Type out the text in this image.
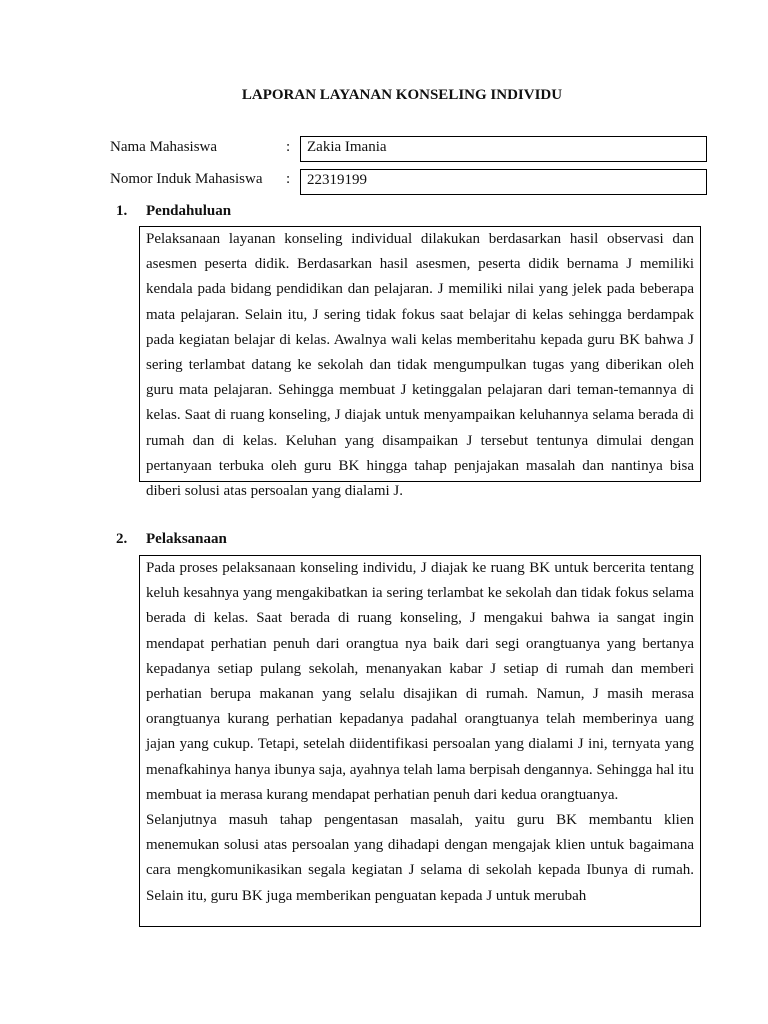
LAPORAN LAYANAN KONSELING INDIVIDU
Nama Mahasiswa	:	Zakia Imania
Nomor Induk Mahasiswa :	22319199
1. Pendahuluan

Pelaksanaan layanan konseling individual dilakukan berdasarkan hasil observasi dan asesmen peserta didik. Berdasarkan hasil asesmen, peserta didik bernama J memiliki kendala pada bidang pendidikan dan pelajaran. J memiliki nilai yang jelek pada beberapa mata pelajaran. Selain itu, J sering tidak fokus saat belajar di kelas sehingga berdampak pada kegiatan belajar di kelas. Awalnya wali kelas memberitahu kepada guru BK bahwa J sering terlambat datang ke sekolah dan tidak mengumpulkan tugas yang diberikan oleh guru mata pelajaran. Sehingga membuat J ketinggalan pelajaran dari teman-temannya di kelas. Saat di ruang konseling, J diajak untuk menyampaikan keluhannya selama berada di rumah dan di kelas. Keluhan yang disampaikan J tersebut tentunya dimulai dengan pertanyaan terbuka oleh guru BK hingga tahap penjajakan masalah dan nantinya bisa diberi solusi atas persoalan yang dialami J.

2. Pelaksanaan

Pada proses pelaksanaan konseling individu, J diajak ke ruang BK untuk bercerita tentang keluh kesahnya yang mengakibatkan ia sering terlambat ke sekolah dan tidak fokus selama berada di kelas. Saat berada di ruang konseling, J mengakui bahwa ia sangat ingin mendapat perhatian penuh dari orangtua nya baik dari segi orangtuanya yang bertanya kepadanya setiap pulang sekolah, menanyakan kabar J setiap di rumah dan memberi perhatian berupa makanan yang selalu disajikan di rumah. Namun, J masih merasa orangtuanya kurang perhatian kepadanya padahal orangtuanya telah memberinya uang jajan yang cukup. Tetapi, setelah diidentifikasi persoalan yang dialami J ini, ternyata yang menafkahinya hanya ibunya saja, ayahnya telah lama berpisah dengannya. Sehingga hal itu membuat ia merasa kurang mendapat perhatian penuh dari kedua orangtuanya.

Selanjutnya masuh tahap pengentasan masalah, yaitu guru BK membantu klien menemukan solusi atas persoalan yang dihadapi dengan mengajak klien untuk bagaimana cara mengkomunikasikan segala kegiatan J selama di sekolah kepada Ibunya di rumah. Selain itu, guru BK juga memberikan penguatan kepada J untuk merubah
